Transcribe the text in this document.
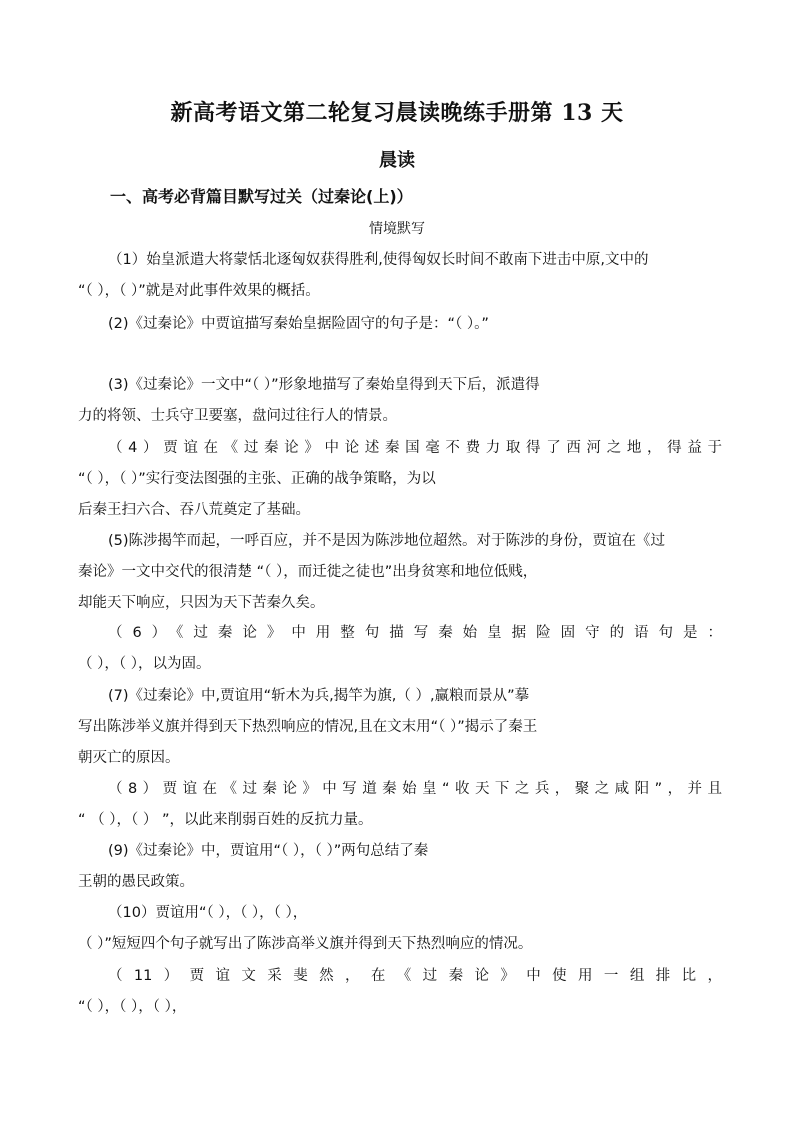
新高考语文第二轮复习晨读晚练手册第 13 天
晨读
一、高考必背篇目默写过关（过秦论(上)）
情境默写

（1）始皇派遣大将蒙恬北逐匈奴获得胜利,使得匈奴长时间不敢南下进击中原,文中的

“（ ），（ ）”就是对此事件效果的概括。

(2)《过秦论》中贾谊描写秦始皇据险固守的句子是：“（ ）。”

(3)《过秦论》一文中“（ ）”形象地描写了秦始皇得到天下后，派遣得

力的将领、士兵守卫要塞，盘问过往行人的情景。

（4）贾谊在《过秦论》中论述秦国毫不费力取得了西河之地，得益于

“（ ），（ ）”实行变法图强的主张、正确的战争策略，为以

后秦王扫六合、吞八荒奠定了基础。

(5)陈涉揭竿而起，一呼百应，并不是因为陈涉地位超然。对于陈涉的身份，贾谊在《过

秦论》一文中交代的很清楚 “（ ），而迁徙之徒也”出身贫寒和地位低贱，

却能天下响应，只因为天下苦秦久矣。

（6）《过秦论》中用整句描写秦始皇据险固守的语句是：

（ ），（ ），以为固。

(7)《过秦论》中,贾谊用“斩木为兵,揭竿为旗,（ ）,赢粮而景从”摹

写出陈涉举义旗并得到天下热烈响应的情况,且在文末用“（ ）”揭示了秦王

朝灭亡的原因。

（8）贾谊在《过秦论》中写道秦始皇“收天下之兵，聚之咸阳”，并且

“ （ ），（ ） ”，以此来削弱百姓的反抗力量。

(9)《过秦论》中，贾谊用“（ ），（ ）”两句总结了秦

王朝的愚民政策。

（10）贾谊用“（ ），（ ），（ ），

（ ）”短短四个句子就写出了陈涉高举义旗并得到天下热烈响应的情况。

（11）贾谊文采斐然，在《过秦论》中使用一组排比，

“（ ），（ ），（ ），
